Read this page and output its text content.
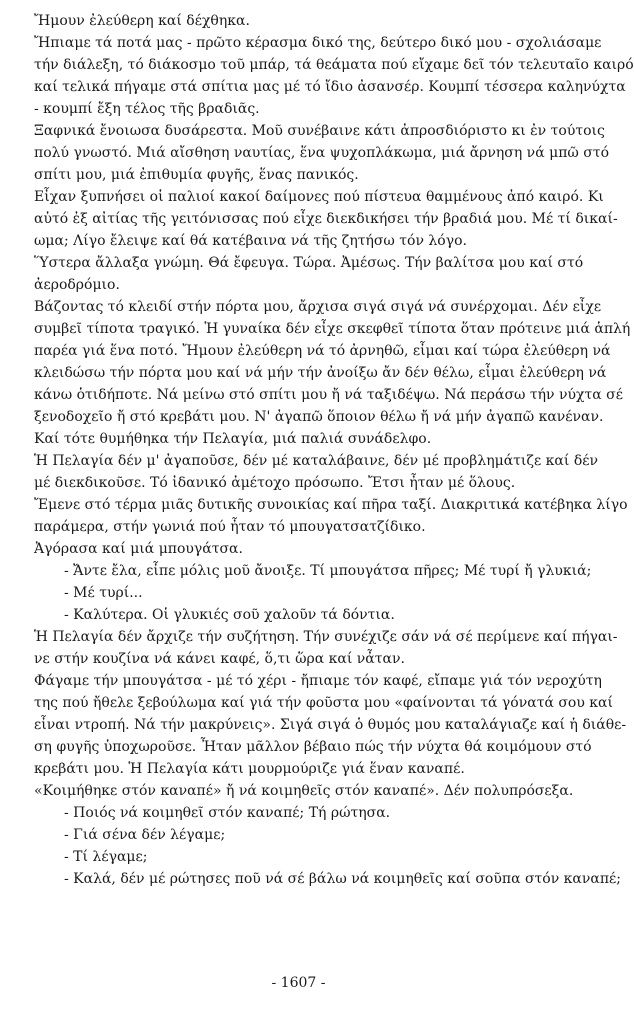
Ἤμουν ἐλεύθερη καί δέχθηκα.
Ἤπιαμε τά ποτά μας - πρῶτο κέρασμα δικό της, δεύτερο δικό μου - σχολιάσαμε
τήν διάλεξη, τό διάκοσμο τοῦ μπάρ, τά θεάματα πού εἴχαμε δεῖ τόν τελευταῖο καιρό
καί τελικά πήγαμε στά σπίτια μας μέ τό ἴδιο ἀσανσέρ. Κουμπί τέσσερα καληνύχτα
- κουμπί ἔξη τέλος τῆς βραδιᾶς.
Ξαφνικά ἔνοιωσα δυσάρεστα. Μοῦ συνέβαινε κάτι ἀπροσδιόριστο κι ἐν τούτοις
πολύ γνωστό. Μιά αἴσθηση ναυτίας, ἕνα ψυχοπλάκωμα, μιά ἄρνηση νά μπῶ στό
σπίτι μου, μιά ἐπιθυμία φυγῆς, ἕνας πανικός.
Εἶχαν ξυπνήσει οἱ παλιοί κακοί δαίμονες πού πίστευα θαμμένους ἀπό καιρό. Κι
αὐτό ἐξ αἰτίας τῆς γειτόνισσας πού εἶχε διεκδικήσει τήν βραδιά μου. Μέ τί δικαί-
ωμα; Λίγο ἔλειψε καί θά κατέβαινα νά τῆς ζητήσω τόν λόγο.
Ὕστερα ἄλλαξα γνώμη. Θά ἔφευγα. Τώρα. Ἀμέσως. Τήν βαλίτσα μου καί στό
ἀεροδρόμιο.
Βάζοντας τό κλειδί στήν πόρτα μου, ἄρχισα σιγά σιγά νά συνέρχομαι. Δέν εἶχε
συμβεῖ τίποτα τραγικό. Ἡ γυναίκα δέν εἶχε σκεφθεῖ τίποτα ὅταν πρότεινε μιά ἁπλή
παρέα γιά ἕνα ποτό. Ἤμουν ἐλεύθερη νά τό ἀρνηθῶ, εἶμαι καί τώρα ἐλεύθερη νά
κλειδώσω τήν πόρτα μου καί νά μήν τήν ἀνοίξω ἄν δέν θέλω, εἶμαι ἐλεύθερη νά
κάνω ὁτιδήποτε. Νά μείνω στό σπίτι μου ἤ νά ταξιδέψω. Νά περάσω τήν νύχτα σέ
ξενοδοχεῖο ἤ στό κρεβάτι μου. Ν' ἀγαπῶ ὅποιον θέλω ἤ νά μήν ἀγαπῶ κανέναν.
Καί τότε θυμήθηκα τήν Πελαγία, μιά παλιά συνάδελφο.
Ἡ Πελαγία δέν μ' ἀγαποῦσε, δέν μέ καταλάβαινε, δέν μέ προβλημάτιζε καί δέν
μέ διεκδικοῦσε. Τό ἰδανικό ἀμέτοχο πρόσωπο. Ἔτσι ἦταν μέ ὅλους.
Ἔμενε στό τέρμα μιᾶς δυτικῆς συνοικίας καί πῆρα ταξί. Διακριτικά κατέβηκα λίγο
παράμερα, στήν γωνιά πού ἦταν τό μπουγατσατζίδικο.
Ἀγόρασα καί μιά μπουγάτσα.
- Ἄντε ἔλα, εἶπε μόλις μοῦ ἄνοιξε. Τί μπουγάτσα πῆρες; Μέ τυρί ἤ γλυκιά;
- Μέ τυρί...
- Καλύτερα. Οἱ γλυκιές σοῦ χαλοῦν τά δόντια.
Ἡ Πελαγία δέν ἄρχιζε τήν συζήτηση. Τήν συνέχιζε σάν νά σέ περίμενε καί πήγαι-
νε στήν κουζίνα νά κάνει καφέ, ὅ,τι ὥρα καί νἆταν.
Φάγαμε τήν μπουγάτσα - μέ τό χέρι - ἤπιαμε τόν καφέ, εἴπαμε γιά τόν νεροχύτη
της πού ἤθελε ξεβούλωμα καί γιά τήν φοῦστα μου «φαίνονται τά γόνατά σου καί
εἶναι ντροπή. Νά τήν μακρύνεις». Σιγά σιγά ὁ θυμός μου καταλάγιαζε καί ἡ διάθε-
ση φυγῆς ὑποχωροῦσε. Ἦταν μᾶλλον βέβαιο πώς τήν νύχτα θά κοιμόμουν στό
κρεβάτι μου. Ἡ Πελαγία κάτι μουρμούριζε γιά ἕναν καναπέ.
«Κοιμήθηκε στόν καναπέ» ἤ νά κοιμηθεῖς στόν καναπέ». Δέν πολυπρόσεξα.
- Ποιός νά κοιμηθεῖ στόν καναπέ; Τή ρώτησα.
- Γιά σένα δέν λέγαμε;
- Τί λέγαμε;
- Καλά, δέν μέ ρώτησες ποῦ νά σέ βάλω νά κοιμηθεῖς καί σοῦπα στόν καναπέ;
- 1607 -
